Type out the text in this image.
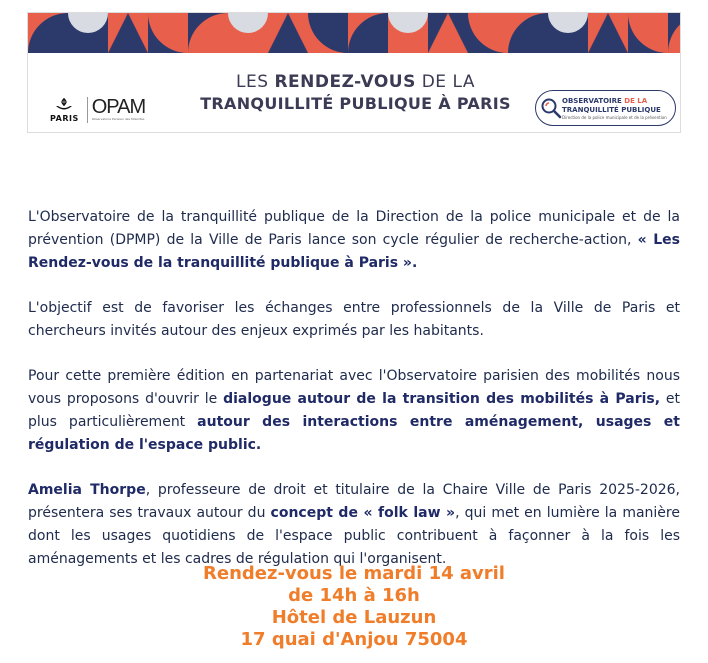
LES RENDEZ-VOUS DE LA
TRANQUILLITÉ PUBLIQUE À PARIS
PARIS
OPAM
Observatoire Parisien des Mobilités
OBSERVATOIRE DE LA
TRANQUILLITÉ PUBLIQUE
Direction de la police municipale et de la prévention

L'Observatoire de la tranquillité publique de la Direction de la police municipale et de la prévention (DPMP) de la Ville de Paris lance son cycle régulier de recherche-action, « Les Rendez-vous de la tranquillité publique à Paris ».

L'objectif est de favoriser les échanges entre professionnels de la Ville de Paris et chercheurs invités autour des enjeux exprimés par les habitants.

Pour cette première édition en partenariat avec l'Observatoire parisien des mobilités nous vous proposons d'ouvrir le dialogue autour de la transition des mobilités à Paris, et plus particulièrement autour des interactions entre aménagement, usages et régulation de l'espace public.

Amelia Thorpe, professeure de droit et titulaire de la Chaire Ville de Paris 2025-2026, présentera ses travaux autour du concept de « folk law », qui met en lumière la manière dont les usages quotidiens de l'espace public contribuent à façonner à la fois les aménagements et les cadres de régulation qui l'organisent.

Rendez-vous le mardi 14 avril
de 14h à 16h
Hôtel de Lauzun
17 quai d'Anjou 75004
